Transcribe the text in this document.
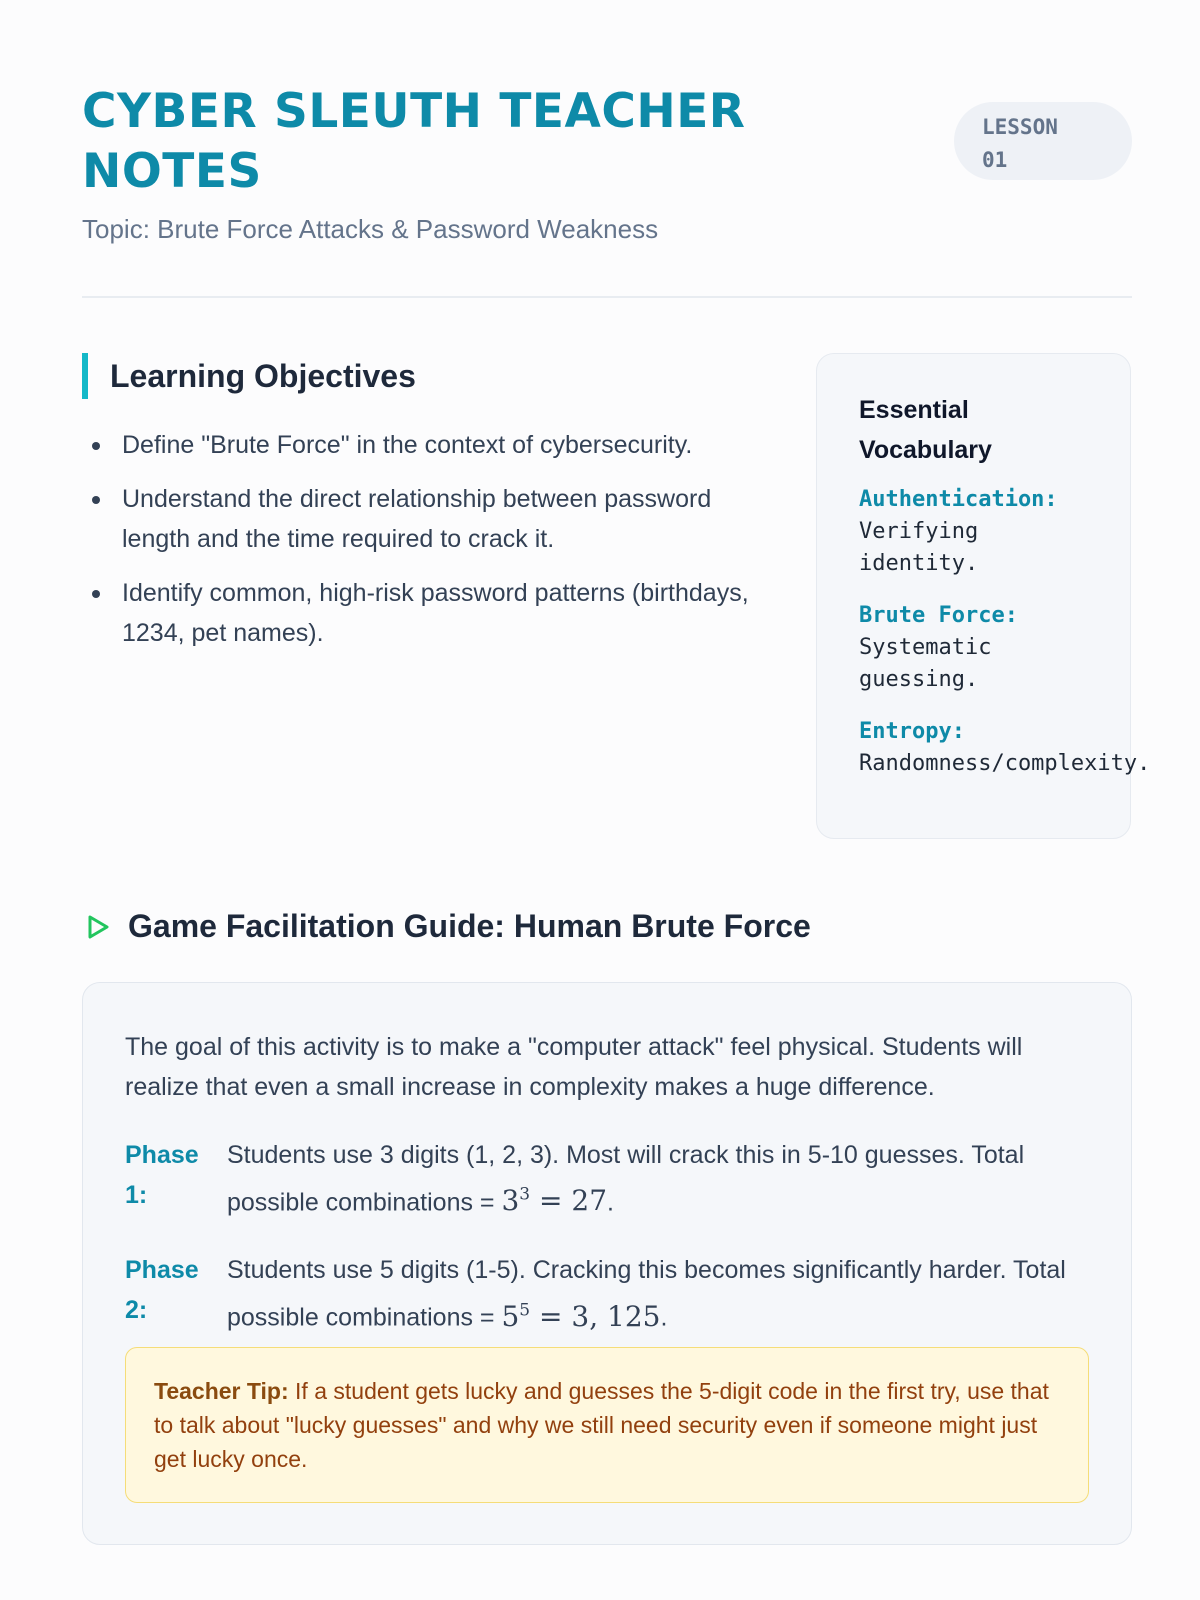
CYBER SLEUTH TEACHER NOTES
LESSON
01
Topic: Brute Force Attacks & Password Weakness
Learning Objectives
Define "Brute Force" in the context of cybersecurity.
Understand the direct relationship between password length and the time required to crack it.
Identify common, high-risk password patterns (birthdays, 1234, pet names).
Essential Vocabulary
Authentication:
Verifying identity.
Brute Force:
Systematic guessing.
Entropy:
Randomness/complexity.
Game Facilitation Guide: Human Brute Force

The goal of this activity is to make a "computer attack" feel physical. Students will realize that even a small increase in complexity makes a huge difference.

Phase 1:
Students use 3 digits (1, 2, 3). Most will crack this in 5-10 guesses. Total possible combinations = $3^3 = 27$.
Phase 2:
Students use 5 digits (1-5). Cracking this becomes significantly harder. Total possible combinations = $5^5 = 3$, 125.
Teacher Tip: If a student gets lucky and guesses the 5-digit code in the first try, use that to talk about "lucky guesses" and why we still need security even if someone might just get lucky once.
